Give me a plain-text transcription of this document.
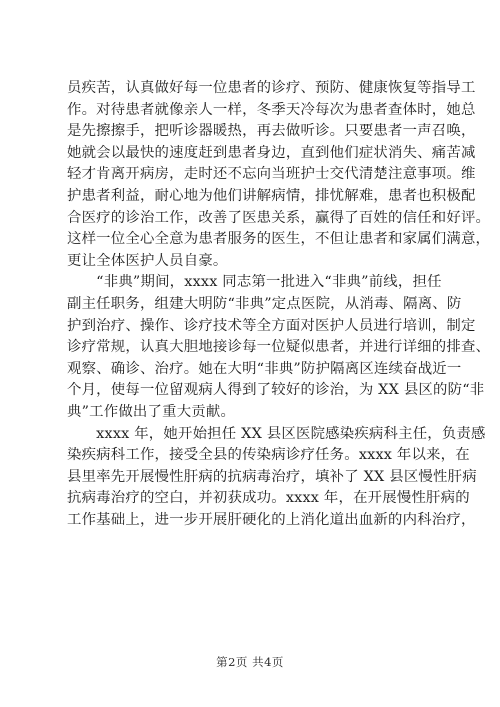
员疾苦，认真做好每一位患者的诊疗、预防、健康恢复等指导工
作。对待患者就像亲人一样，冬季天冷每次为患者查体时，她总
是先擦擦手，把听诊器暖热，再去做听诊。只要患者一声召唤，
她就会以最快的速度赶到患者身边，直到他们症状消失、痛苦减
轻才肯离开病房，走时还不忘向当班护士交代清楚注意事项。维
护患者利益，耐心地为他们讲解病情，排忧解难，患者也积极配
合医疗的诊治工作，改善了医患关系，赢得了百姓的信任和好评。
这样一位全心全意为患者服务的医生，不但让患者和家属们满意，
更让全体医护人员自豪。

　　“非典”期间，xxxx 同志第一批进入“非典”前线，担任
副主任职务，组建大明防“非典”定点医院，从消毒、隔离、防
护到治疗、操作、诊疗技术等全方面对医护人员进行培训，制定
诊疗常规，认真大胆地接诊每一位疑似患者，并进行详细的排查、
观察、确诊、治疗。她在大明“非典”防护隔离区连续奋战近一
个月，使每一位留观病人得到了较好的诊治，为 XX 县区的防“非
典”工作做出了重大贡献。

　　xxxx 年，她开始担任 XX 县区医院感染疾病科主任，负责感
染疾病科工作，接受全县的传染病诊疗任务。xxxx 年以来，在
县里率先开展慢性肝病的抗病毒治疗，填补了 XX 县区慢性肝病
抗病毒治疗的空白，并初获成功。xxxx 年，在开展慢性肝病的
工作基础上，进一步开展肝硬化的上消化道出血新的内科治疗，

第2页 共4页
